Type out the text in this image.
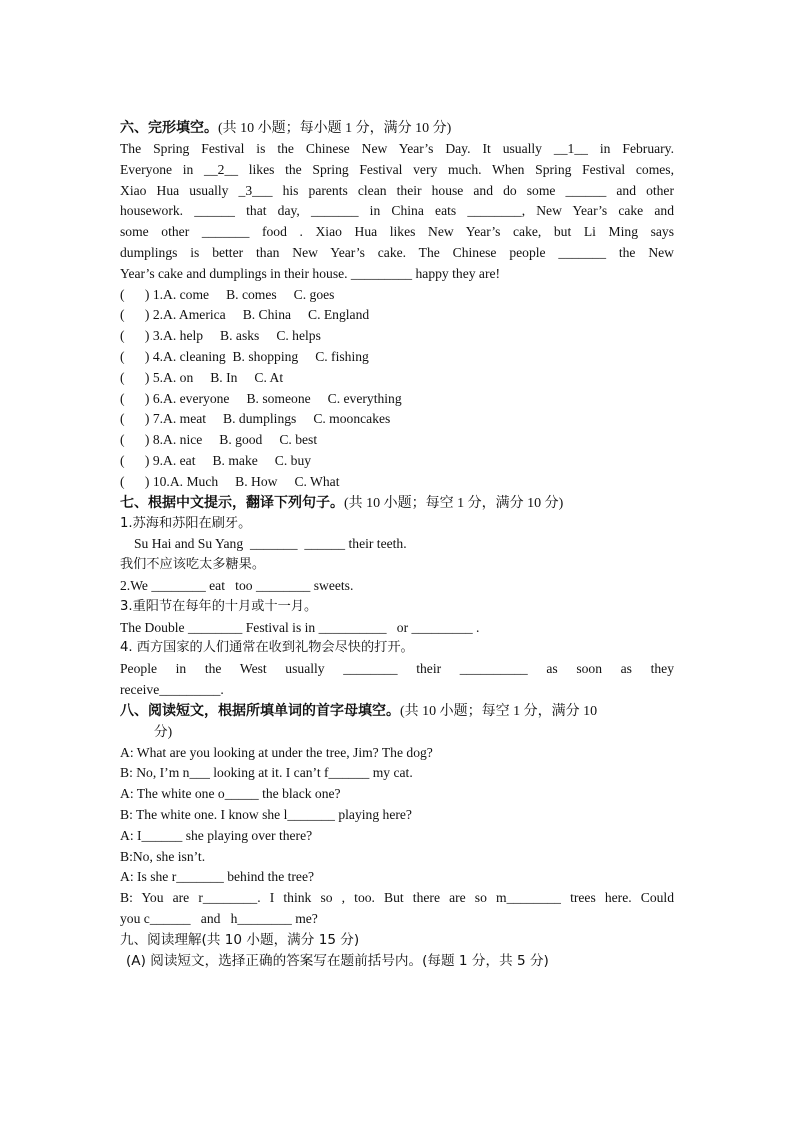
六、完形填空。(共 10 小题；每小题 1 分，满分 10 分)

The Spring Festival is the Chinese New Year’s Day. It usually __1__ in February.

Everyone in __2__ likes the Spring Festival very much. When Spring Festival comes,

Xiao Hua usually _3___ his parents clean their house and do some ______ and other

housework. ______ that day, _______ in China eats ________, New Year’s cake and

some other _______ food . Xiao Hua likes New Year’s cake, but Li Ming says

dumplings is better than New Year’s cake. The Chinese people _______ the New

Year’s cake and dumplings in their house. _________ happy they are!

(      ) 1.A. come     B. comes     C. goes
(      ) 2.A. America     B. China     C. England
(      ) 3.A. help     B. asks     C. helps
(      ) 4.A. cleaning  B. shopping     C. fishing
(      ) 5.A. on     B. In     C. At
(      ) 6.A. everyone     B. someone     C. everything
(      ) 7.A. meat     B. dumplings     C. mooncakes
(      ) 8.A. nice     B. good     C. best
(      ) 9.A. eat     B. make     C. buy
(      ) 10.A. Much     B. How     C. What
七、根据中文提示，翻译下列句子。(共 10 小题；每空 1 分，满分 10 分)
1.苏海和苏阳在刷牙。
Su Hai and Su Yang  _______  ______ their teeth.
我们不应该吃太多糖果。
2.We ________ eat   too ________ sweets.
3.重阳节在每年的十月或十一月。
The Double ________ Festival is in __________   or _________ .
4. 西方国家的人们通常在收到礼物会尽快的打开。
People in the West usually ________ their __________ as soon as they
receive_________.
八、阅读短文，根据所填单词的首字母填空。(共 10 小题；每空 1 分，满分 10
分)
A: What are you looking at under the tree, Jim? The dog?
B: No, I’m n___ looking at it. I can’t f______ my cat.
A: The white one o_____ the black one?
B: The white one. I know she l_______ playing here?
A: I______ she playing over there?
B:No, she isn’t.
A: Is she r_______ behind the tree?
B: You are r________. I think so , too. But there are so m________ trees here. Could
you c______   and   h________ me?
九、阅读理解(共 10 小题，满分 15 分)
(A) 阅读短文，选择正确的答案写在题前括号内。(每题 1 分，共 5 分)
